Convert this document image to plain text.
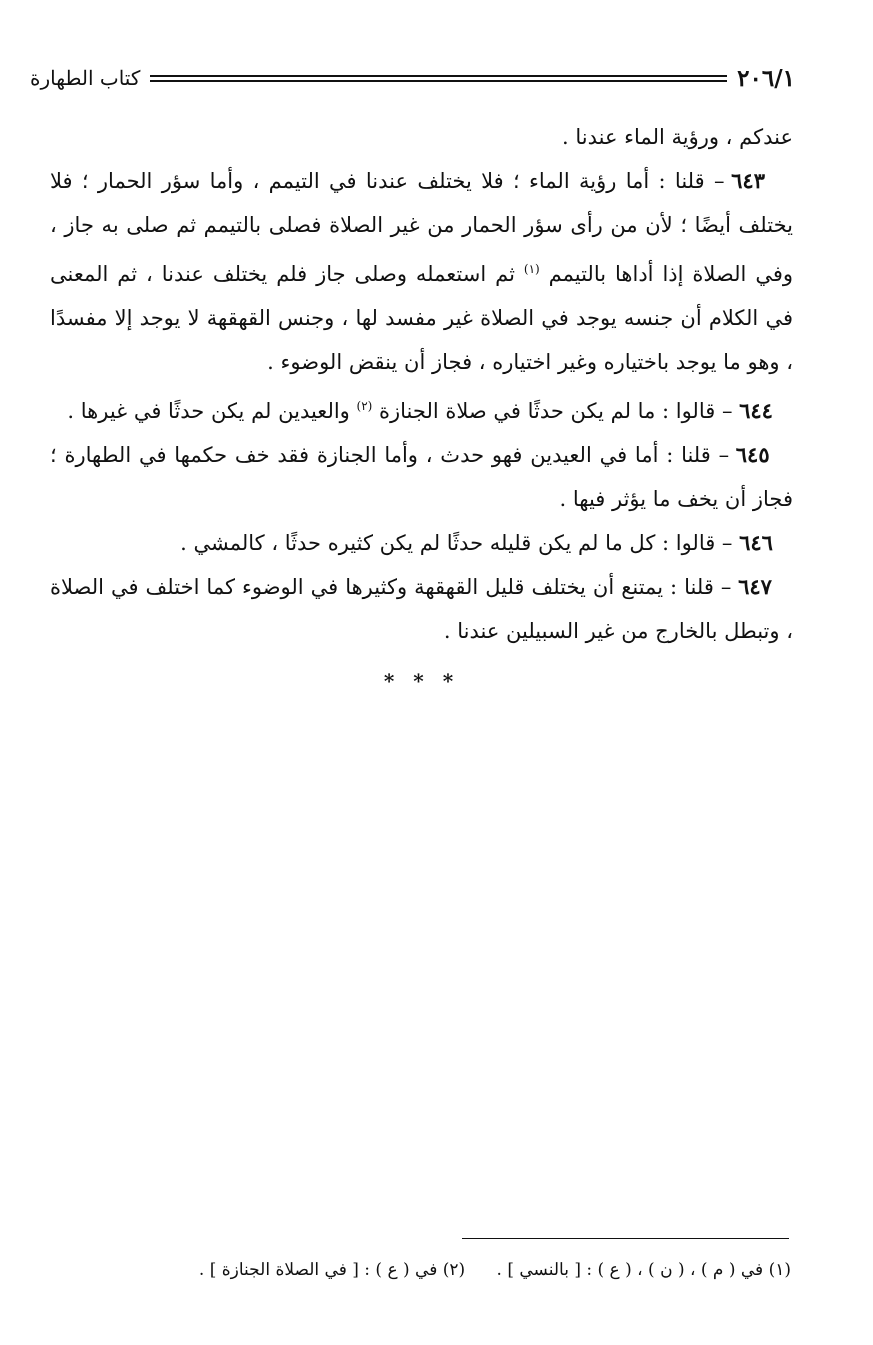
٢٠٦/١
كتاب الطهارة

عندكم ، ورؤية الماء عندنا .

٦٤٣ – قلنا : أما رؤية الماء ؛ فلا يختلف عندنا في التيمم ، وأما سؤر الحمار ؛ فلا يختلف أيضًا ؛ لأن من رأى سؤر الحمار من غير الصلاة فصلى بالتيمم ثم صلى به جاز ، وفي الصلاة إذا أداها بالتيمم $^{(١)}$ ثم استعمله وصلى جاز فلم يختلف عندنا ، ثم المعنى في الكلام أن جنسه يوجد في الصلاة غير مفسد لها ، وجنس القهقهة لا يوجد إلا مفسدًا ، وهو ما يوجد باختياره وغير اختياره ، فجاز أن ينقض الوضوء .

٦٤٤ – قالوا : ما لم يكن حدثًا في صلاة الجنازة $^{(٢)}$ والعيدين لم يكن حدثًا في غيرها .

٦٤٥ – قلنا : أما في العيدين فهو حدث ، وأما الجنازة فقد خف حكمها في الطهارة ؛ فجاز أن يخف ما يؤثر فيها .

٦٤٦ – قالوا : كل ما لم يكن قليله حدثًا لم يكن كثيره حدثًا ، كالمشي .

٦٤٧ – قلنا : يمتنع أن يختلف قليل القهقهة وكثيرها في الوضوء كما اختلف في الصلاة ، وتبطل بالخارج من غير السبيلين عندنا .

* * *
(١) في ( م ) ، ( ن ) ، ( ع ) : [ بالنسي ] . (٢) في ( ع ) : [ في الصلاة الجنازة ] .
